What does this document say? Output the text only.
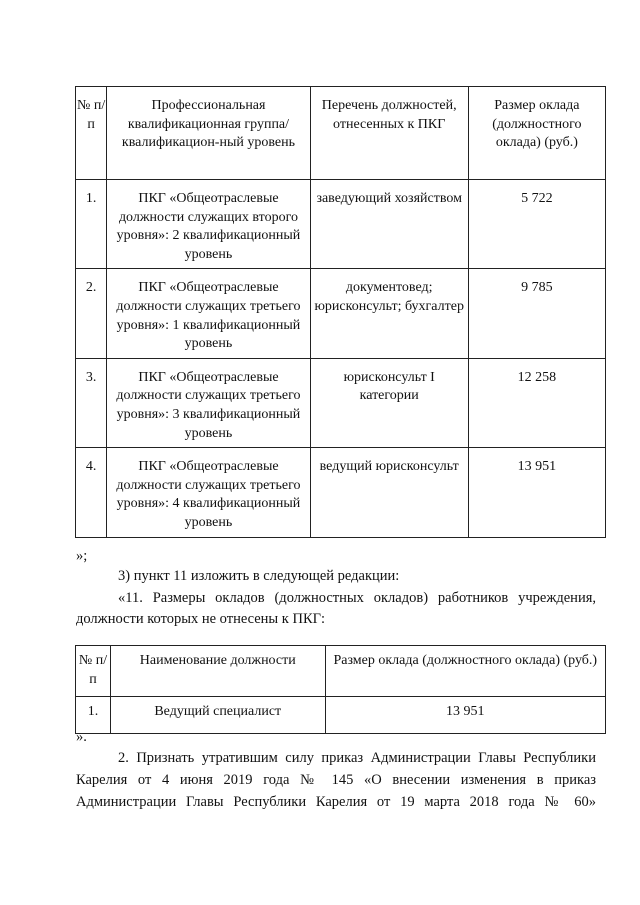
№ п/п	Профессиональная квалификационная группа/квалификацион-ный уровень	Перечень должностей, отнесенных к ПКГ	Размер оклада (должностного оклада) (руб.)
1.	ПКГ «Общеотраслевые должности служащих второго уровня»: 2 квалификационный уровень	заведующий хозяйством	5 722
2.	ПКГ «Общеотраслевые должности служащих третьего уровня»: 1 квалификационный уровень	документовед; юрисконсульт; бухгалтер	9 785
3.	ПКГ «Общеотраслевые должности служащих третьего уровня»: 3 квалификационный уровень	юрисконсульт I категории	12 258
4.	ПКГ «Общеотраслевые должности служащих третьего уровня»: 4 квалификационный уровень	ведущий юрисконсульт	13 951
»;
3) пункт 11 изложить в следующей редакции:
«11. Размеры окладов (должностных окладов) работников учреждения,
должности которых не отнесены к ПКГ:
№ п/п	Наименование должности	Размер оклада (должностного оклада) (руб.)
1.	Ведущий специалист	13 951
».
2. Признать утратившим силу приказ Администрации Главы Республики
Карелия от 4 июня 2019 года № 145 «О внесении изменения в приказ
Администрации Главы Республики Карелия от 19 марта 2018 года № 60»
